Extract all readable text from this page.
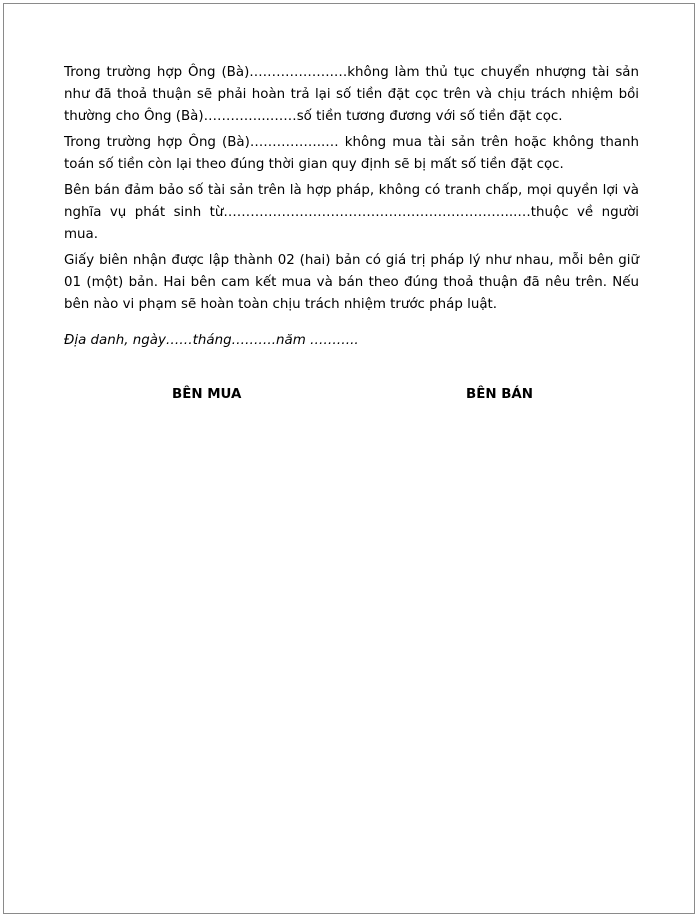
Trong trường hợp Ông (Bà)……………….…không làm thủ tục chuyển nhượng tài sản như đã thoả thuận sẽ phải hoàn trả lại số tiền đặt cọc trên và chịu trách nhiệm bồi thường cho Ông (Bà)…………...……số tiền tương đương với số tiền đặt cọc.

Trong trường hợp Ông (Bà)……………..… không mua tài sản trên hoặc không thanh toán số tiền còn lại theo đúng thời gian quy định sẽ bị mất số tiền đặt cọc.

Bên bán đảm bảo số tài sản trên là hợp pháp, không có tranh chấp, mọi quyền lợi và nghĩa vụ phát sinh từ………………………………………………………...…thuộc về người mua.

Giấy biên nhận được lập thành 02 (hai) bản có giá trị pháp lý như nhau, mỗi bên giữ 01 (một) bản. Hai bên cam kết mua và bán theo đúng thoả thuận đã nêu trên. Nếu bên nào vi phạm sẽ hoàn toàn chịu trách nhiệm trước pháp luật.

Địa danh, ngày……tháng……….năm ………..

BÊN MUA	BÊN BÁN
